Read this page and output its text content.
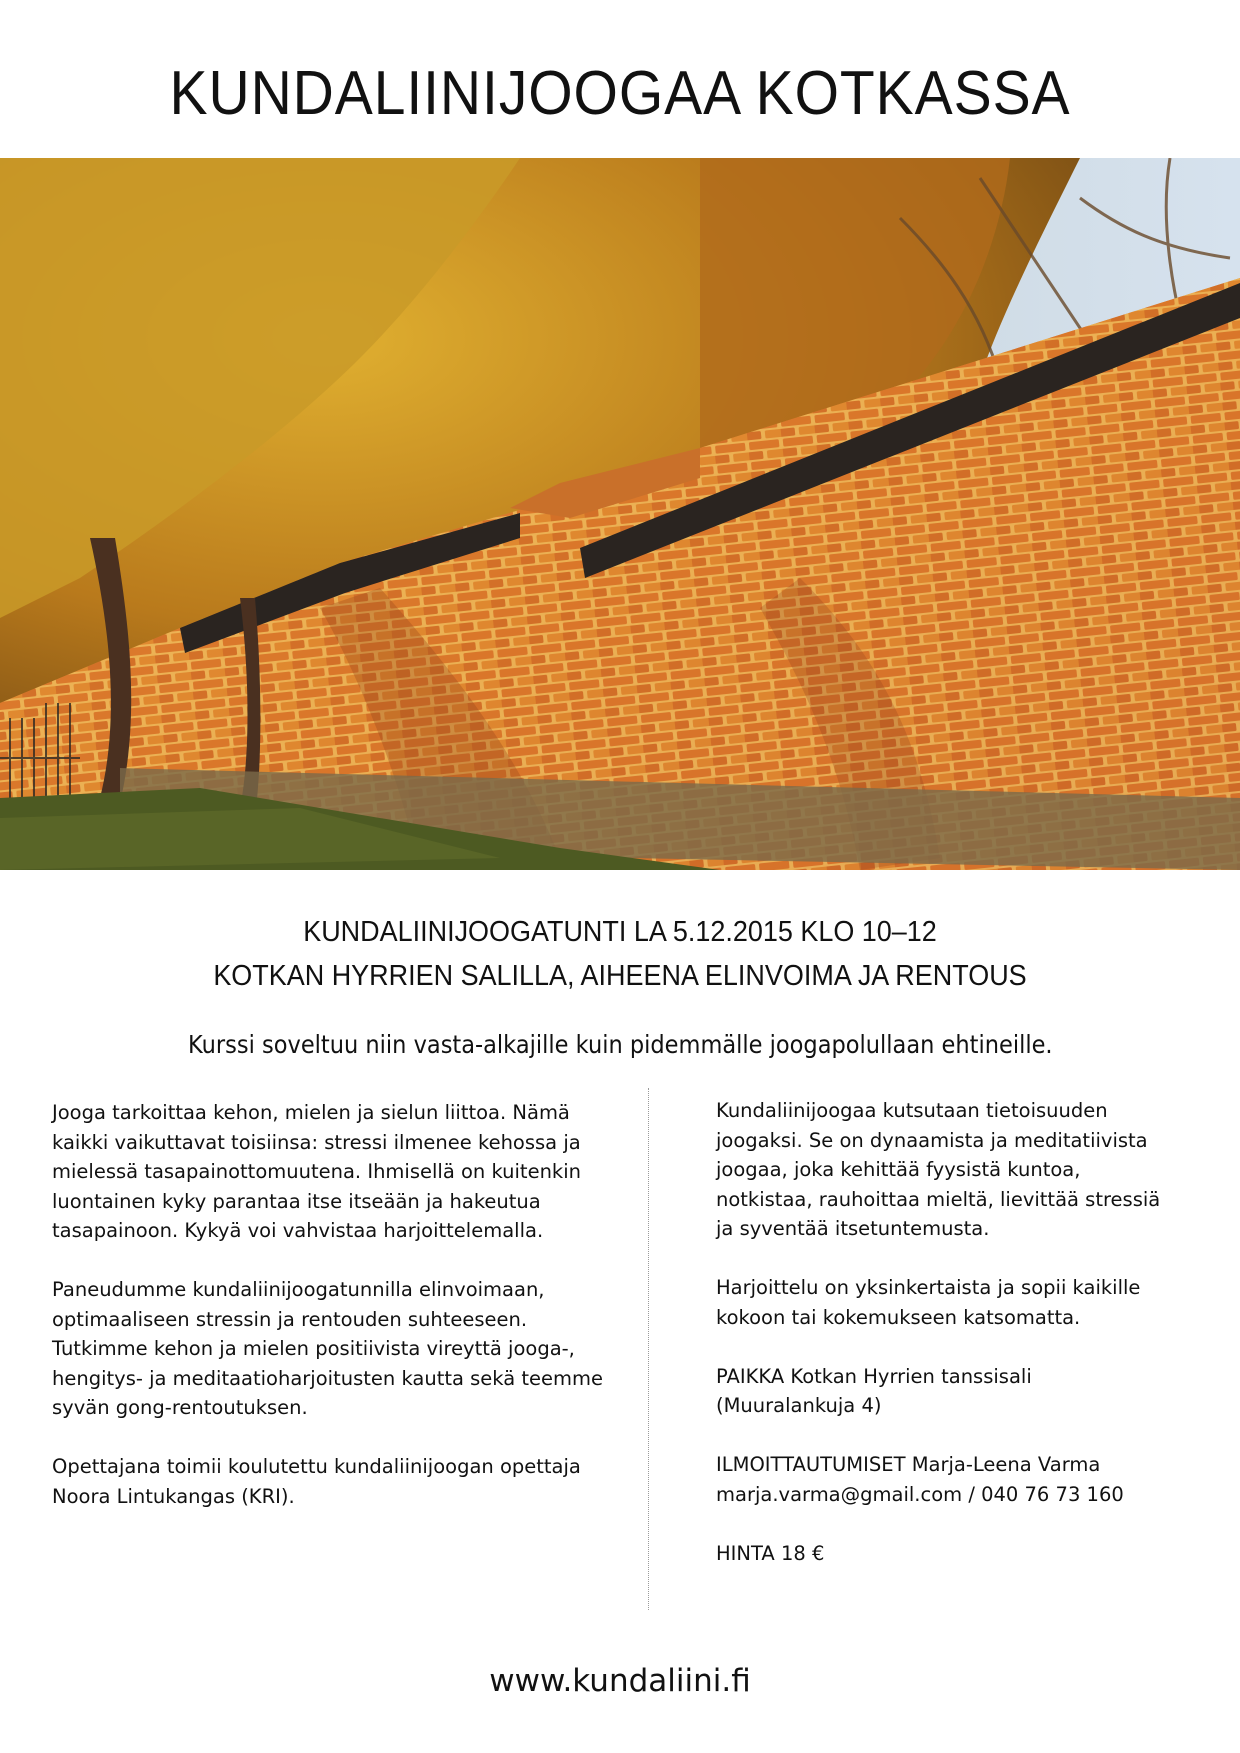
KUNDALIINIJOOGAA KOTKASSA
KUNDALIINIJOOGATUNTI LA 5.12.2015 KLO 10–12
KOTKAN HYRRIEN SALILLA, AIHEENA ELINVOIMA JA RENTOUS
Kurssi soveltuu niin vasta-alkajille kuin pidemmälle joogapolullaan ehtineille.

Jooga tarkoittaa kehon, mielen ja sielun liittoa. Nämä
kaikki vaikuttavat toisiinsa: stressi ilmenee kehossa ja
mielessä tasapainottomuutena. Ihmisellä on kuitenkin
luontainen kyky parantaa itse itseään ja hakeutua
tasapainoon. Kykyä voi vahvistaa harjoittelemalla.

Paneudumme kundaliinijoogatunnilla elinvoimaan,
optimaaliseen stressin ja rentouden suhteeseen.
Tutkimme kehon ja mielen positiivista vireyttä jooga-,
hengitys- ja meditaatioharjoitusten kautta sekä teemme
syvän gong-rentoutuksen.

Opettajana toimii koulutettu kundaliinijoogan opettaja
Noora Lintukangas (KRI).

Kundaliinijoogaa kutsutaan tietoisuuden
joogaksi. Se on dynaamista ja meditatiivista
joogaa, joka kehittää fyysistä kuntoa,
notkistaa, rauhoittaa mieltä, lievittää stressiä
ja syventää itsetuntemusta.

Harjoittelu on yksinkertaista ja sopii kaikille
kokoon tai kokemukseen katsomatta.

PAIKKA Kotkan Hyrrien tanssisali
(Muuralankuja 4)

ILMOITTAUTUMISET Marja-Leena Varma
marja.varma@gmail.com / 040 76 73 160

HINTA 18 €

www.kundaliini.fi
